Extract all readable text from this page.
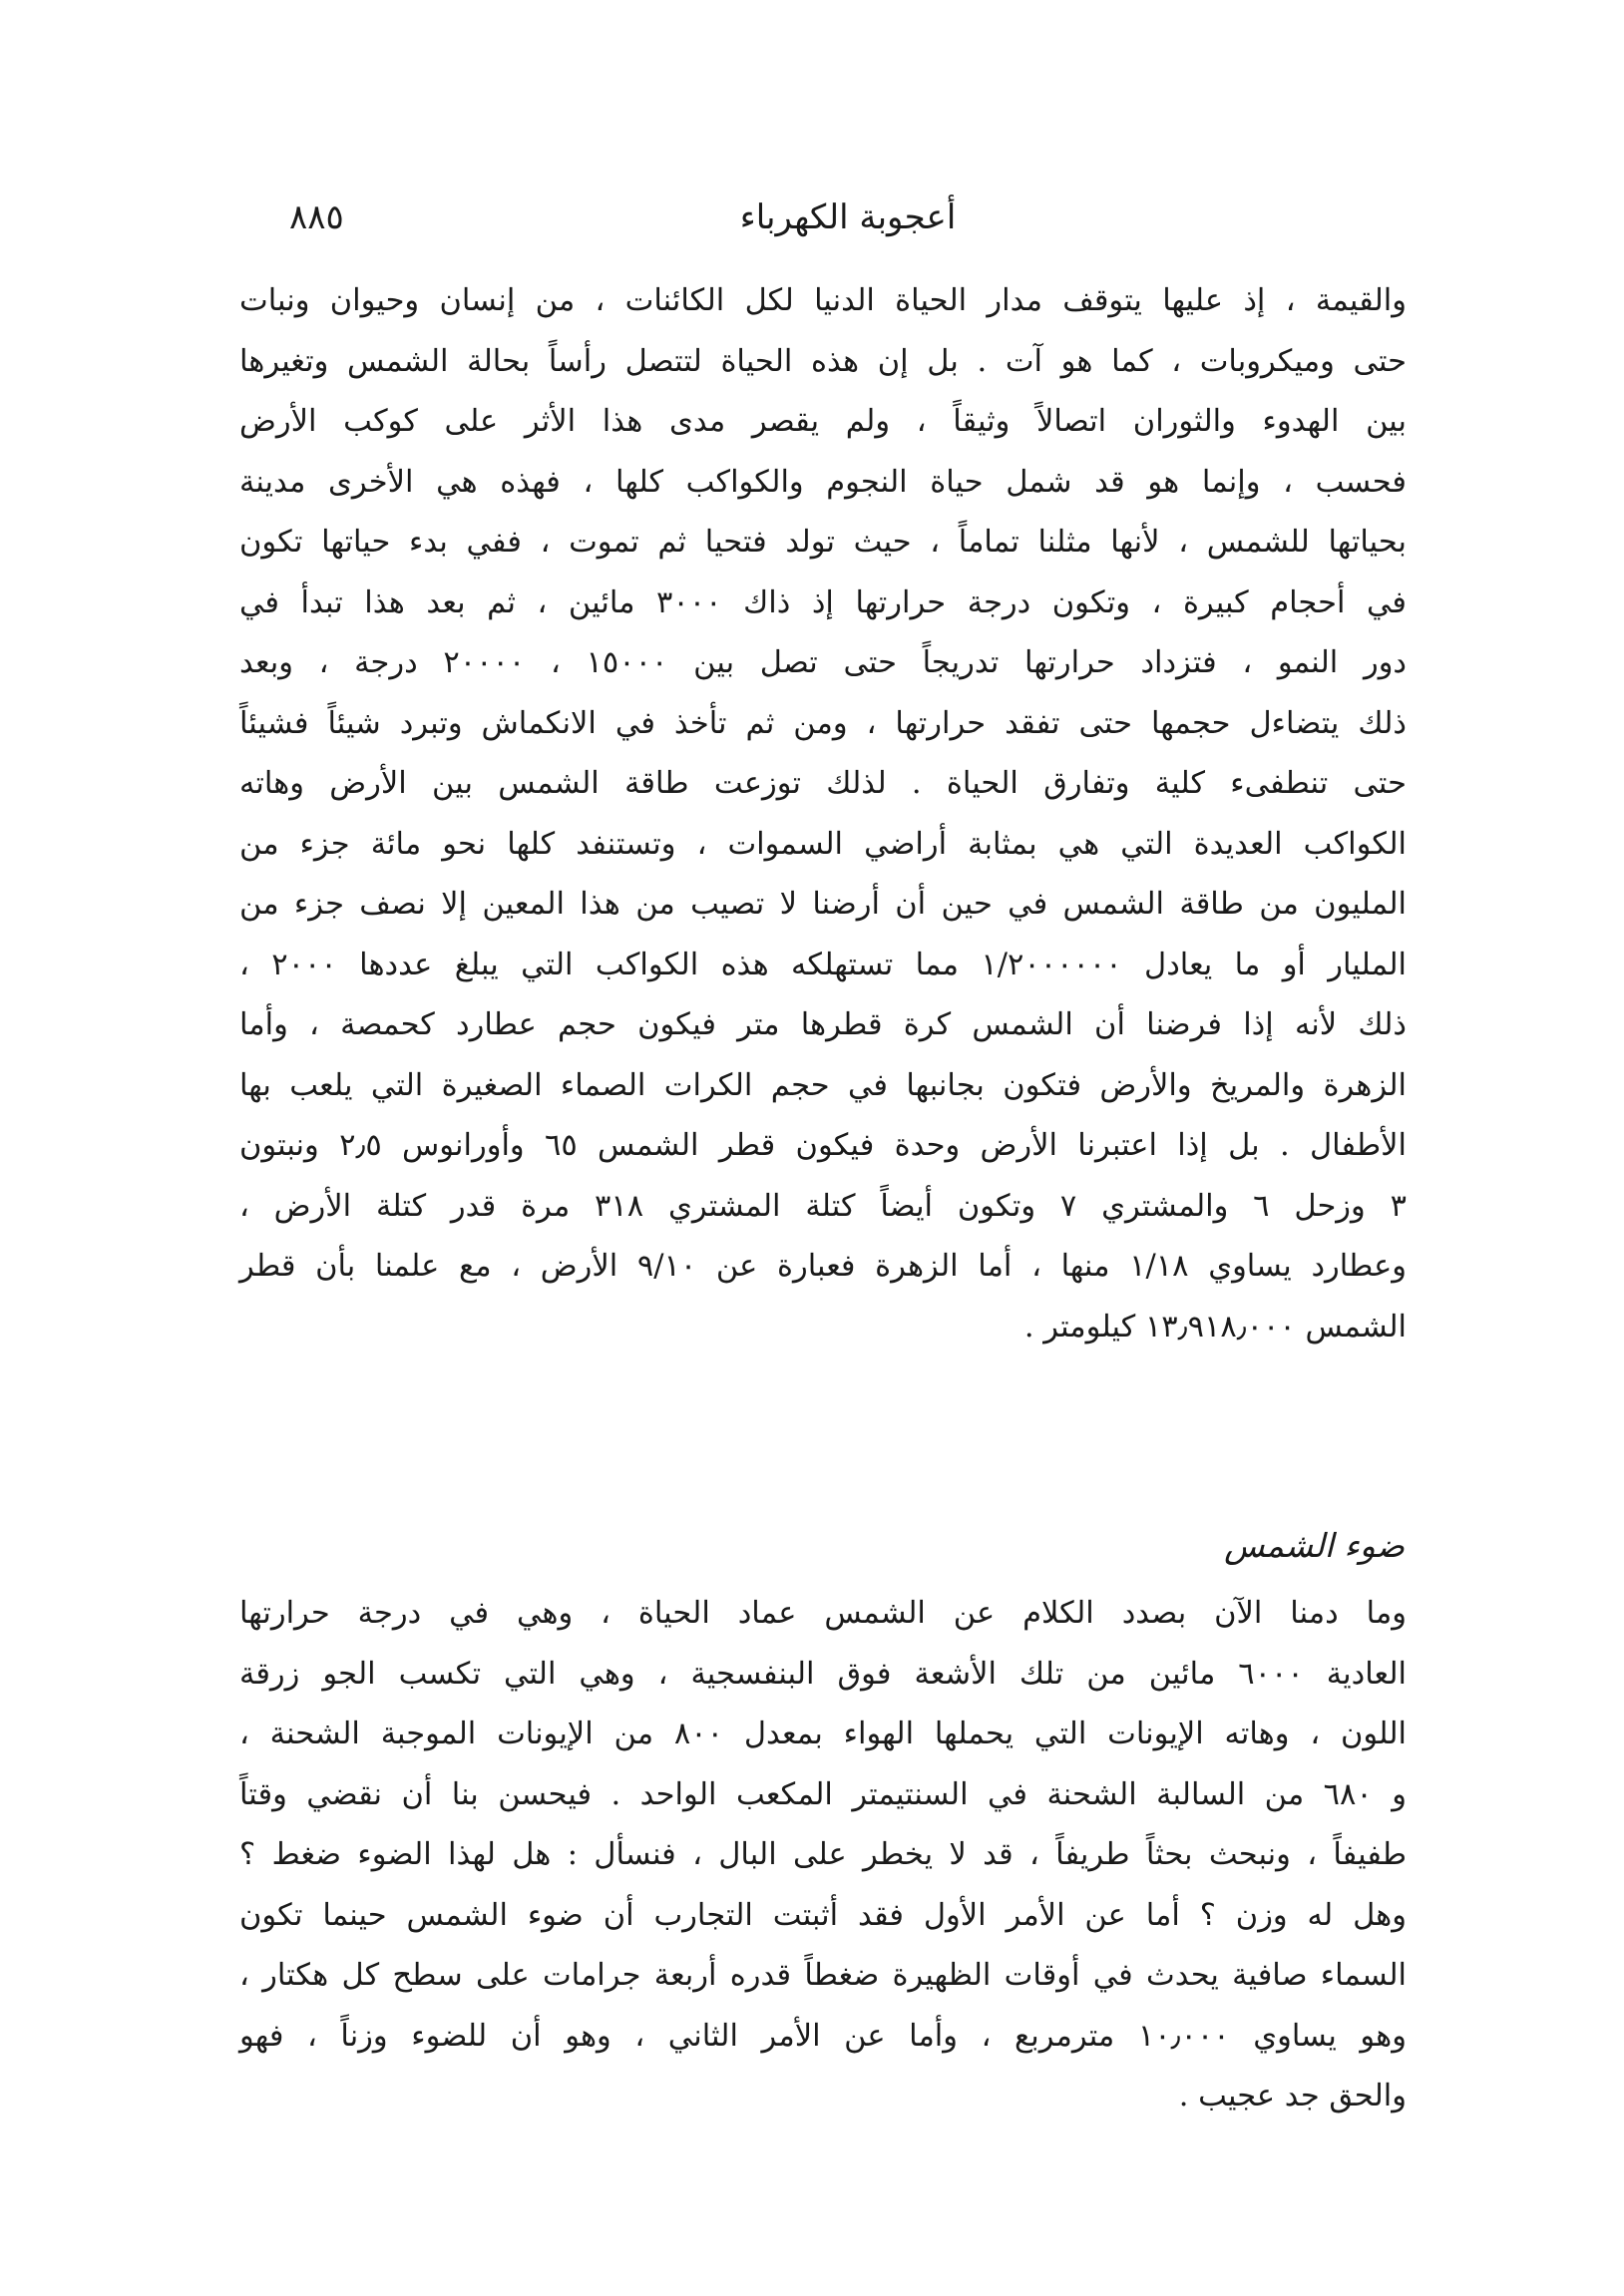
أعجوبة الكهرباء
٨٨٥
والقيمة ، إذ عليها يتوقف مدار الحياة الدنيا لكل الكائنات ، من إنسان وحيوان ونبات
حتى وميكروبات ، كما هو آت . بل إن هذه الحياة لتتصل رأساً بحالة الشمس وتغيرها
بين الهدوء والثوران اتصالاً وثيقاً ، ولم يقصر مدى هذا الأثر على كوكب الأرض
فحسب ، وإنما هو قد شمل حياة النجوم والكواكب كلها ، فهذه هي الأخرى مدينة
بحياتها للشمس ، لأنها مثلنا تماماً ، حيث تولد فتحيا ثم تموت ، ففي بدء حياتها تكون
في أحجام كبيرة ، وتكون درجة حرارتها إذ ذاك ٣٠٠٠ مائين ، ثم بعد هذا تبدأ في
دور النمو ، فتزداد حرارتها تدريجاً حتى تصل بين ١٥٠٠٠ ، ٢٠٠٠٠ درجة ، وبعد
ذلك يتضاءل حجمها حتى تفقد حرارتها ، ومن ثم تأخذ في الانكماش وتبرد شيئاً فشيئاً
حتى تنطفىء كلية وتفارق الحياة . لذلك توزعت طاقة الشمس بين الأرض وهاته
الكواكب العديدة التي هي بمثابة أراضي السموات ، وتستنفد كلها نحو مائة جزء من
المليون من طاقة الشمس في حين أن أرضنا لا تصيب من هذا المعين إلا نصف جزء من
المليار أو ما يعادل ١/٢٠٠٠٠٠٠ مما تستهلكه هذه الكواكب التي يبلغ عددها ٢٠٠٠ ،
ذلك لأنه إذا فرضنا أن الشمس كرة قطرها متر فيكون حجم عطارد كحمصة ، وأما
الزهرة والمريخ والأرض فتكون بجانبها في حجم الكرات الصماء الصغيرة التي يلعب بها
الأطفال . بل إذا اعتبرنا الأرض وحدة فيكون قطر الشمس ٦٥ وأورانوس ٢٫٥ ونبتون
٣ وزحل ٦ والمشتري ٧ وتكون أيضاً كتلة المشتري ٣١٨ مرة قدر كتلة الأرض ،
وعطارد يساوي ١/١٨ منها ، أما الزهرة فعبارة عن ٩/١٠ الأرض ، مع علمنا بأن قطر
الشمس ١٣٫٩١٨٫٠٠٠ كيلومتر .
ضوء الشمس
وما دمنا الآن بصدد الكلام عن الشمس عماد الحياة ، وهي في درجة حرارتها
العادية ٦٠٠٠ مائين من تلك الأشعة فوق البنفسجية ، وهي التي تكسب الجو زرقة
اللون ، وهاته الإيونات التي يحملها الهواء بمعدل ٨٠٠ من الإيونات الموجبة الشحنة ،
و ٦٨٠ من السالبة الشحنة في السنتيمتر المكعب الواحد . فيحسن بنا أن نقضي وقتاً
طفيفاً ، ونبحث بحثاً طريفاً ، قد لا يخطر على البال ، فنسأل : هل لهذا الضوء ضغط ؟
وهل له وزن ؟ أما عن الأمر الأول فقد أثبتت التجارب أن ضوء الشمس حينما تكون
السماء صافية يحدث في أوقات الظهيرة ضغطاً قدره أربعة جرامات على سطح كل هكتار ،
وهو يساوي ١٠٫٠٠٠ مترمربع ، وأما عن الأمر الثاني ، وهو أن للضوء وزناً ، فهو
والحق جد عجيب .
